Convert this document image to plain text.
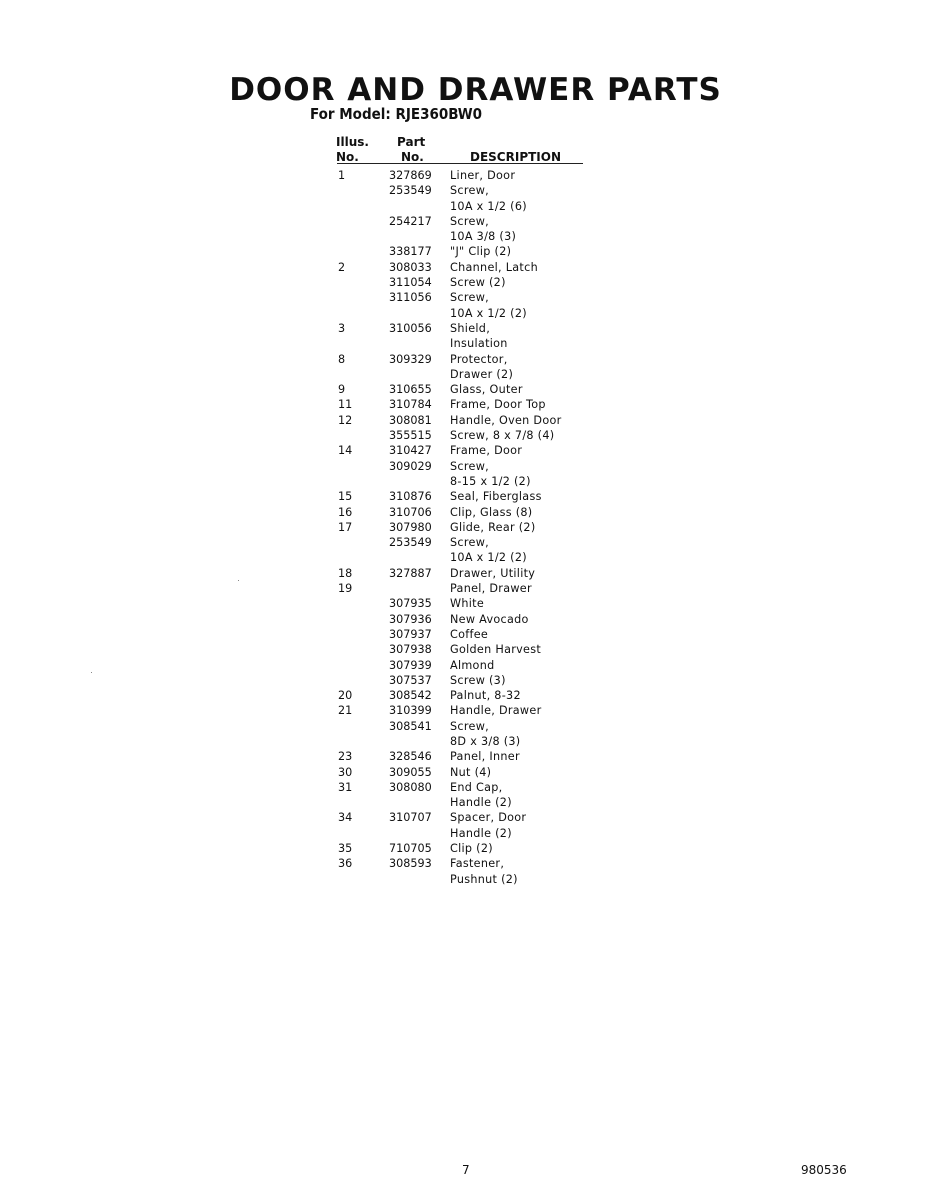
DOOR AND DRAWER PARTS
For Model: RJE360BW0
Illus.
No.
Part
No.	DESCRIPTION
1	327869 Liner, Door
253549 Screw,
10A x 1/2 (6)
254217 Screw,
10A 3/8 (3)
338177 "J" Clip (2)
2	308033 Channel, Latch
311054 Screw (2)
311056 Screw,
10A x 1/2 (2)
3	310056 Shield,
Insulation
8	309329 Protector,
Drawer (2)
9	310655 Glass, Outer
11	310784 Frame, Door Top
12	308081 Handle, Oven Door
355515 Screw, 8 x 7/8 (4)
14	310427 Frame, Door
309029 Screw,
8-15 x 1/2 (2)
15	310876 Seal, Fiberglass
16	310706 Clip, Glass (8)
17	307980 Glide, Rear (2)
253549 Screw,
10A x 1/2 (2)
18	327887 Drawer, Utility
19	Panel, Drawer
307935 White
307936 New Avocado
307937 Coffee
307938 Golden Harvest
307939 Almond
307537 Screw (3)
20	308542 Palnut, 8-32
21	310399 Handle, Drawer
308541 Screw,
8D x 3/8 (3)
23	328546 Panel, Inner
30	309055 Nut (4)
31	308080 End Cap,
Handle (2)
34	310707 Spacer, Door
Handle (2)
35	710705 Clip (2)
36	308593 Fastener,
Pushnut (2)
7	980536
